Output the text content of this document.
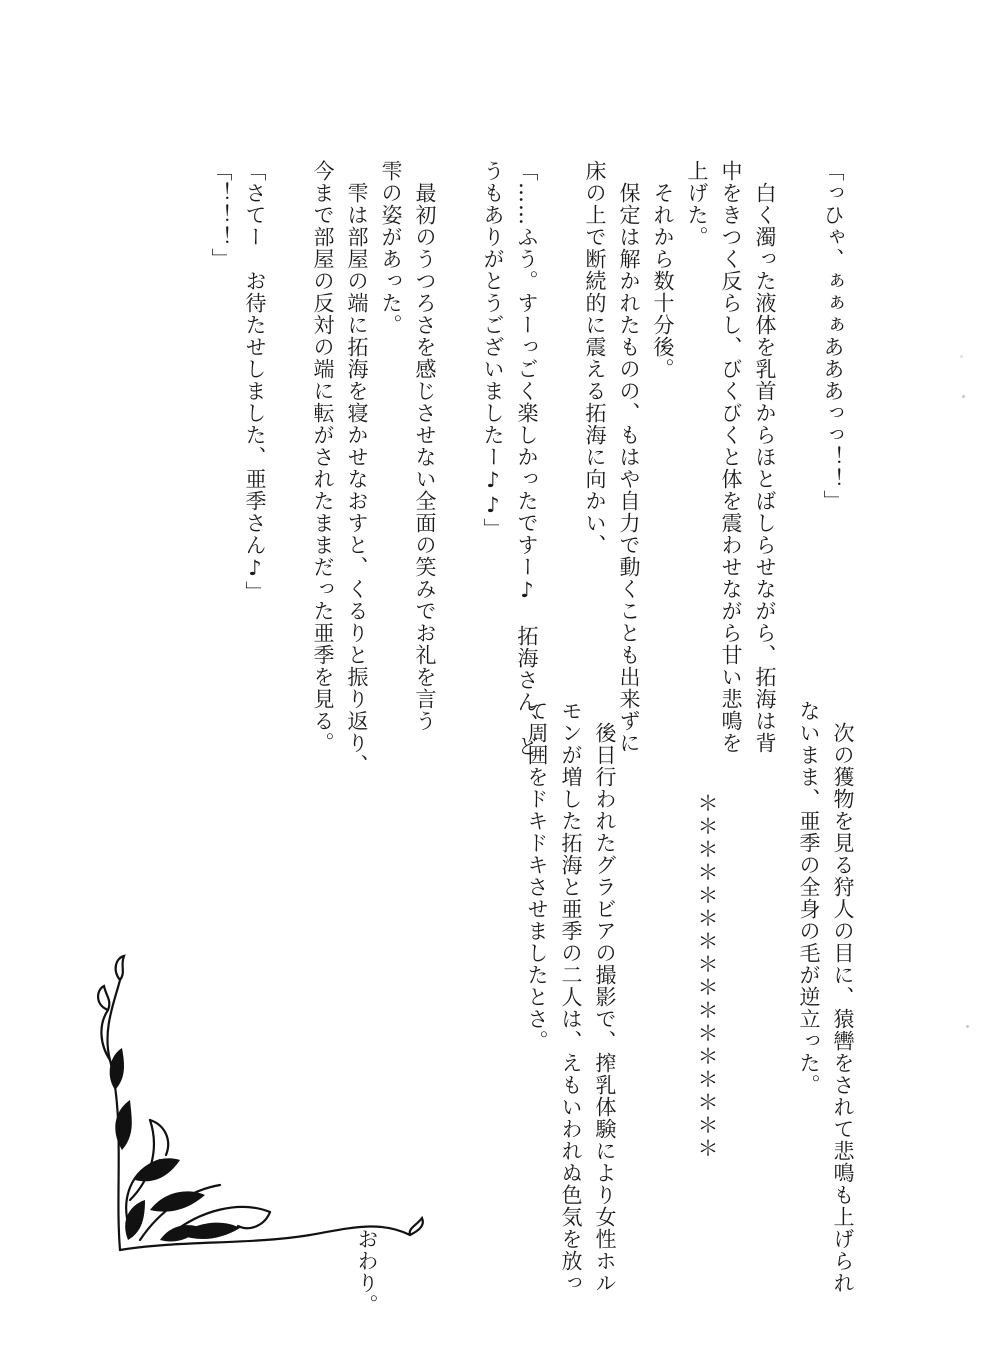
「っひゃ、ぁぁぁあああっっ！！」
　白く濁った液体を乳首からほとばしらせながら、拓海は背
中をきつく反らし、びくびくと体を震わせながら甘い悲鳴を
上げた。
　それから数十分後。
　保定は解かれたものの、もはや自力で動くことも出来ずに
床の上で断続的に震える拓海に向かい、
「……ふう。すーっごく楽しかったですー♪　拓海さん、ど
うもありがとうございましたー♪♪」
　最初のうつろさを感じさせない全面の笑みでお礼を言う
雫の姿があった。
　雫は部屋の端に拓海を寝かせなおすと、くるりと振り返り、
今まで部屋の反対の端に転がされたままだった亜季を見る。
「さてー　お待たせしました、亜季さん♪」
「！！！」
　次の獲物を見る狩人の目に、猿轡をされて悲鳴も上げられ
ないまま、亜季の全身の毛が逆立った。
　　　　＊＊＊＊＊＊＊＊＊＊＊＊＊＊＊＊
　後日行われたグラビアの撮影で、搾乳体験により女性ホル
モンが増した拓海と亜季の二人は、えもいわれぬ色気を放っ
て周囲をドキドキさせましたとさ。
　　　　　　　　　　　　　　　　　　　　　　　　おわり。
